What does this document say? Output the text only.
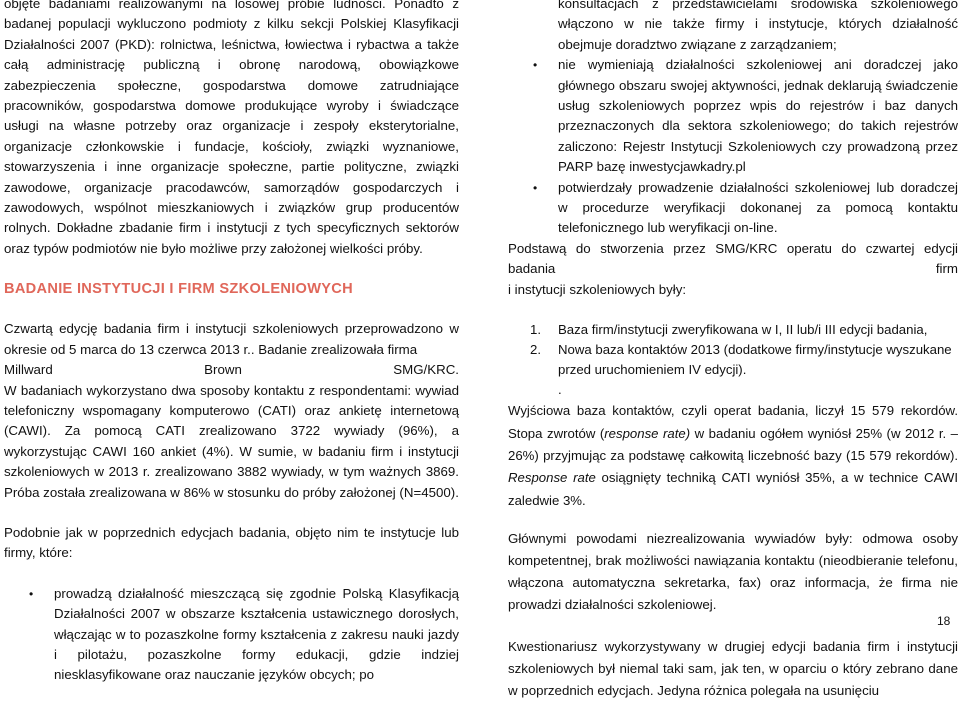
objęte badaniami realizowanymi na losowej próbie ludności. Ponadto z badanej populacji wykluczono podmioty z kilku sekcji Polskiej Klasyfikacji Działalności 2007 (PKD): rolnictwa, leśnictwa, łowiectwa i rybactwa a także całą administrację publiczną i obronę narodową, obowiązkowe zabezpieczenia społeczne, gospodarstwa domowe zatrudniające pracowników, gospodarstwa domowe produkujące wyroby i świadczące usługi na własne potrzeby oraz organizacje i zespoły eksterytorialne, organizacje członkowskie i fundacje, kościoły, związki wyznaniowe, stowarzyszenia i inne organizacje społeczne, partie polityczne, związki zawodowe, organizacje pracodawców, samorządów gospodarczych i zawodowych, wspólnot mieszkaniowych i związków grup producentów rolnych. Dokładne zbadanie firm i instytucji z tych specyficznych sektorów oraz typów podmiotów nie było możliwe przy założonej wielkości próby.

BADANIE INSTYTUCJI I FIRM SZKOLENIOWYCH

Czwartą edycję badania firm i instytucji szkoleniowych przeprowadzono w okresie od 5 marca do 13 czerwca 2013 r.. Badanie zrealizowała firma

Millward Brown SMG/KRC.

W badaniach wykorzystano dwa sposoby kontaktu z respondentami: wywiad telefoniczny wspomagany komputerowo (CATI) oraz ankietę internetową (CAWI). Za pomocą CATI zrealizowano 3722 wywiady (96%), a wykorzystując CAWI 160 ankiet (4%). W sumie, w badaniu firm i instytucji szkoleniowych w 2013 r. zrealizowano 3882 wywiady, w tym ważnych 3869. Próba została zrealizowana w 86% w stosunku do próby założonej (N=4500).

Podobnie jak w poprzednich edycjach badania, objęto nim te instytucje lub firmy, które:

• prowadzą działalność mieszczącą się zgodnie Polską Klasyfikacją Działalności 2007 w obszarze kształcenia ustawicznego dorosłych, włączając w to pozaszkolne formy kształcenia z zakresu nauki jazdy i pilotażu, pozaszkolne formy edukacji, gdzie indziej niesklasyfikowane oraz nauczanie języków obcych; po
konsultacjach z przedstawicielami środowiska szkoleniowego włączono w nie także firmy i instytucje, których działalność obejmuje doradztwo związane z zarządzaniem;
• nie wymieniają działalności szkoleniowej ani doradczej jako głównego obszaru swojej aktywności, jednak deklarują świadczenie usług szkoleniowych poprzez wpis do rejestrów i baz danych przeznaczonych dla sektora szkoleniowego; do takich rejestrów zaliczono: Rejestr Instytucji Szkoleniowych czy prowadzoną przez PARP bazę inwestycjawkadry.pl
• potwierdzały prowadzenie działalności szkoleniowej lub doradczej w procedurze weryfikacji dokonanej za pomocą kontaktu telefonicznego lub weryfikacji on-line.

Podstawą do stworzenia przez SMG/KRC operatu do czwartej edycji badania firm

i instytucji szkoleniowych były:

1. Baza firm/instytucji zweryfikowana w I, II lub/i III edycji badania,
2. Nowa baza kontaktów 2013 (dodatkowe firmy/instytucje wyszukane przed uruchomieniem IV edycji).
.

Wyjściowa baza kontaktów, czyli operat badania, liczył 15 579 rekordów. Stopa zwrotów (response rate) w badaniu ogółem wyniósł 25% (w 2012 r. – 26%) przyjmując za podstawę całkowitą liczebność bazy (15 579 rekordów). Response rate osiągnięty techniką CATI wyniósł 35%, a w technice CAWI zaledwie 3%.

Głównymi powodami niezrealizowania wywiadów były: odmowa osoby kompetentnej, brak możliwości nawiązania kontaktu (nieodbieranie telefonu, włączona automatyczna sekretarka, fax) oraz informacja, że firma nie prowadzi działalności szkoleniowej.

Kwestionariusz wykorzystywany w drugiej edycji badania firm i instytucji szkoleniowych był niemal taki sam, jak ten, w oparciu o który zebrano dane w poprzednich edycjach. Jedyna różnica polegała na usunięciu

18
